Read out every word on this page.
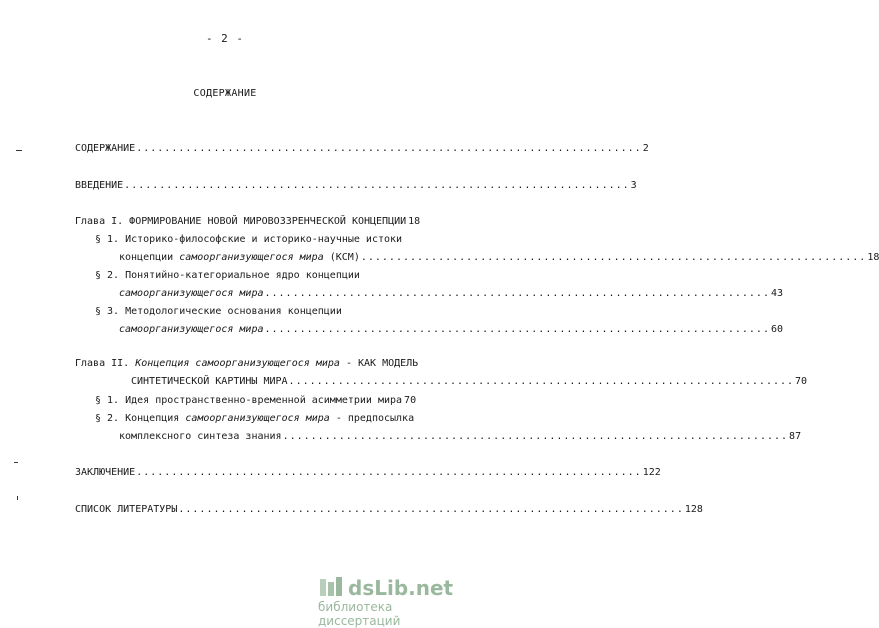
- 2 -
СОДЕРЖАНИЕ
СОДЕРЖАНИЕ ........................................................................ 2
ВВЕДЕНИЕ ........................................................................ 3
Глава I. ФОРМИРОВАНИЕ НОВОЙ МИРОВОЗЗРЕНЧЕСКОЙ КОНЦЕПЦИИ 18
§ 1. Историко-философские и историко-научные истоки
концепции самоорганизующегося мира (КСМ) ........................................................................ 18
§ 2. Понятийно-категориальное ядро концепции
самоорганизующегося мира ........................................................................ 43
§ 3. Методологические основания концепции
самоорганизующегося мира ........................................................................ 60
Глава II. Концепция самоорганизующегося мира - КАК МОДЕЛЬ
СИНТЕТИЧЕСКОЙ КАРТИНЫ МИРА ........................................................................ 70
§ 1. Идея пространственно-временной асимметрии мира 70
§ 2. Концепция самоорганизующегося мира - предпосылка
комплексного синтеза знания ........................................................................ 87
ЗАКЛЮЧЕНИЕ ........................................................................ 122
СПИСОК ЛИТЕРАТУРЫ ........................................................................ 128
dsLib.net
библиотека диссертаций
